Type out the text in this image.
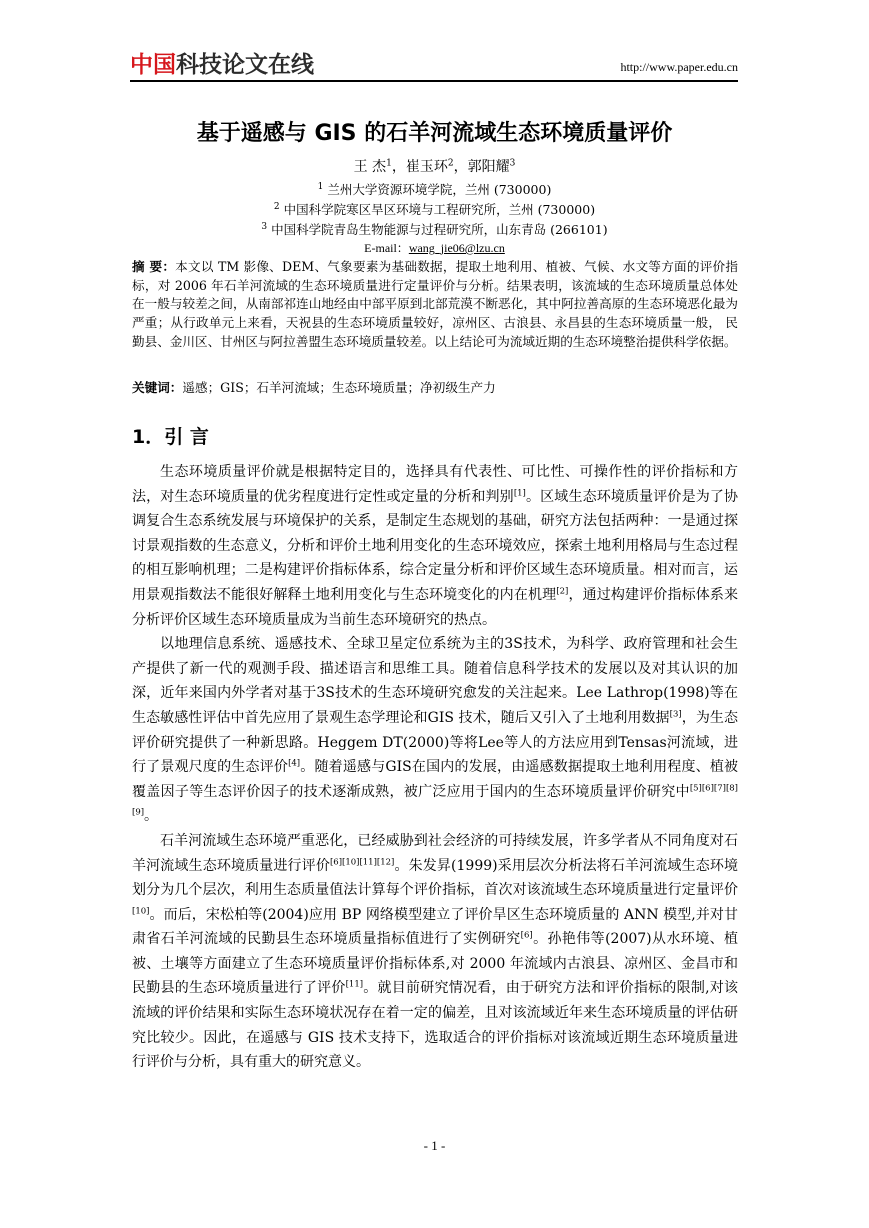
中国科技论文在线	http://www.paper.edu.cn
基于遥感与 GIS 的石羊河流域生态环境质量评价
王 杰$^1$，崔玉环$^2$，郭阳耀$^3$
$^1$ 兰州大学资源环境学院，兰州 (730000)
$^2$ 中国科学院寒区旱区环境与工程研究所，兰州 (730000)
$^3$ 中国科学院青岛生物能源与过程研究所，山东青岛 (266101)
E-mail：wang_jie06@lzu.cn
摘 要：本文以 TM 影像、DEM、气象要素为基础数据，提取土地利用、植被、气候、水文等方面的评价指标，对 2006 年石羊河流域的生态环境质量进行定量评价与分析。结果表明，该流域的生态环境质量总体处在一般与较差之间，从南部祁连山地经由中部平原到北部荒漠不断恶化，其中阿拉善高原的生态环境恶化最为严重；从行政单元上来看，天祝县的生态环境质量较好，凉州区、古浪县、永昌县的生态环境质量一般， 民勤县、金川区、甘州区与阿拉善盟生态环境质量较差。以上结论可为流域近期的生态环境整治提供科学依据。
关键词：遥感；GIS；石羊河流域；生态环境质量；净初级生产力
1．引 言

生态环境质量评价就是根据特定目的，选择具有代表性、可比性、可操作性的评价指标和方法，对生态环境质量的优劣程度进行定性或定量的分析和判别[1]。区域生态环境质量评价是为了协调复合生态系统发展与环境保护的关系，是制定生态规划的基础，研究方法包括两种：一是通过探讨景观指数的生态意义，分析和评价土地利用变化的生态环境效应，探索土地利用格局与生态过程的相互影响机理；二是构建评价指标体系，综合定量分析和评价区域生态环境质量。相对而言，运用景观指数法不能很好解释土地利用变化与生态环境变化的内在机理[2]，通过构建评价指标体系来分析评价区域生态环境质量成为当前生态环境研究的热点。

以地理信息系统、遥感技术、全球卫星定位系统为主的3S技术，为科学、政府管理和社会生产提供了新一代的观测手段、描述语言和思维工具。随着信息科学技术的发展以及对其认识的加深，近年来国内外学者对基于3S技术的生态环境研究愈发的关注起来。Lee Lathrop(1998)等在生态敏感性评估中首先应用了景观生态学理论和GIS 技术，随后又引入了土地利用数据[3]，为生态评价研究提供了一种新思路。Heggem DT(2000)等将Lee等人的方法应用到Tensas河流域，进行了景观尺度的生态评价[4]。随着遥感与GIS在国内的发展，由遥感数据提取土地利用程度、植被覆盖因子等生态评价因子的技术逐渐成熟，被广泛应用于国内的生态环境质量评价研究中[5][6][7][8][9]。

石羊河流域生态环境严重恶化，已经威胁到社会经济的可持续发展，许多学者从不同角度对石羊河流域生态环境质量进行评价[6][10][11][12]。朱发昇(1999)采用层次分析法将石羊河流域生态环境划分为几个层次，利用生态质量值法计算每个评价指标，首次对该流域生态环境质量进行定量评价[10]。而后，宋松柏等(2004)应用 BP 网络模型建立了评价旱区生态环境质量的 ANN 模型,并对甘肃省石羊河流域的民勤县生态环境质量指标值进行了实例研究[6]。孙艳伟等(2007)从水环境、植被、土壤等方面建立了生态环境质量评价指标体系,对 2000 年流域内古浪县、凉州区、金昌市和民勤县的生态环境质量进行了评价[11]。就目前研究情况看，由于研究方法和评价指标的限制,对该流域的评价结果和实际生态环境状况存在着一定的偏差，且对该流域近年来生态环境质量的评估研究比较少。因此，在遥感与 GIS 技术支持下，选取适合的评价指标对该流域近期生态环境质量进行评价与分析，具有重大的研究意义。

- 1 -
